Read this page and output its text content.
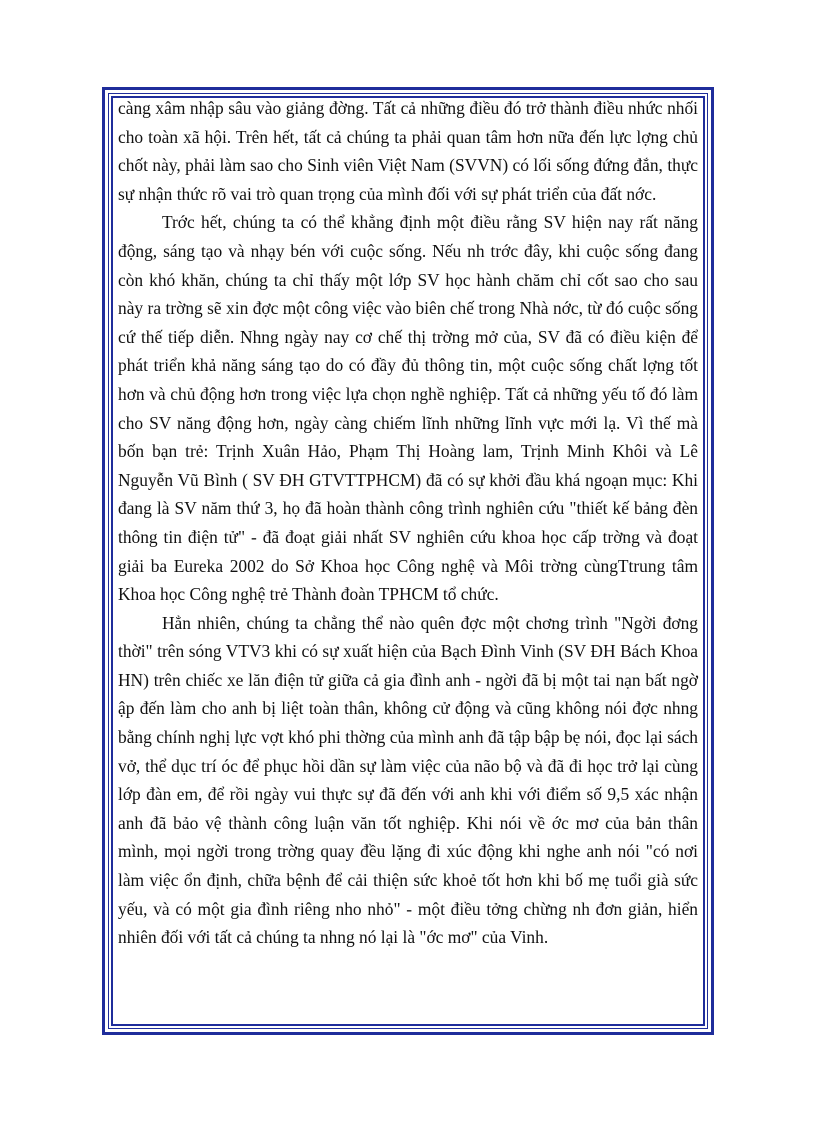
càng xâm nhập sâu vào giảng đờng. Tất cả những điều đó trở thành điều nhức nhối cho toàn xã hội. Trên hết, tất cả chúng ta phải quan tâm hơn nữa đến lực lợng chủ chốt này, phải làm sao cho Sinh viên Việt Nam (SVVN) có lối sống đứng đắn, thực sự nhận thức rõ vai trò quan trọng của mình đối với sự phát triển của đất nớc.

Trớc hết, chúng ta có thể khẳng định một điều rằng SV hiện nay rất năng động, sáng tạo và nhạy bén với cuộc sống. Nếu nh trớc đây, khi cuộc sống đang còn khó khăn, chúng ta chỉ thấy một lớp SV học hành chăm chỉ cốt sao cho sau này ra trờng sẽ xin đợc một công việc vào biên chế trong Nhà nớc, từ đó cuộc sống cứ thế tiếp diễn. Nhng ngày nay cơ chế thị trờng mở của, SV đã có điều kiện để phát triển khả năng sáng tạo do có đầy đủ thông tin, một cuộc sống chất lợng tốt hơn và chủ động hơn trong việc lựa chọn nghề nghiệp. Tất cả những yếu tố đó làm cho SV năng động hơn, ngày càng chiếm lĩnh những lĩnh vực mới lạ. Vì thế mà bốn bạn trẻ: Trịnh Xuân Hảo, Phạm Thị Hoàng lam, Trịnh Minh Khôi và Lê Nguyễn Vũ Bình ( SV ĐH GTVTTPHCM) đã có sự khởi đầu khá ngoạn mục: Khi đang là SV năm thứ 3, họ đã hoàn thành công trình nghiên cứu "thiết kế bảng đèn thông tin điện tử" - đã đoạt giải nhất SV nghiên cứu khoa học cấp trờng và đoạt giải ba Eureka 2002 do Sở Khoa học Công nghệ và Môi trờng cùngTtrung tâm Khoa học Công nghệ trẻ Thành đoàn TPHCM tổ chức.

Hẳn nhiên, chúng ta chẳng thể nào quên đợc một chơng trình "Ngời đơng thời" trên sóng VTV3 khi có sự xuất hiện của Bạch Đình Vinh (SV ĐH Bách Khoa HN) trên chiếc xe lăn điện tử giữa cả gia đình anh - ngời đã bị một tai nạn bất ngờ ập đến làm cho anh bị liệt toàn thân, không cử động và cũng không nói đợc nhng bằng chính nghị lực vợt khó phi thờng của mình anh đã tập bập bẹ nói, đọc lại sách vở, thể dục trí óc để phục hồi dần sự làm việc của não bộ và đã đi học trở lại cùng lớp đàn em, để rồi ngày vui thực sự đã đến với anh khi với điểm số 9,5 xác nhận anh đã bảo vệ thành công luận văn tốt nghiệp. Khi nói về ớc mơ của bản thân mình, mọi ngời trong trờng quay đều lặng đi xúc động khi nghe anh nói "có nơi làm việc ổn định, chữa bệnh để cải thiện sức khoẻ tốt hơn khi bố mẹ tuổi già sức yếu, và có một gia đình riêng nho nhỏ" - một điều tởng chừng nh đơn giản, hiển nhiên đối với tất cả chúng ta nhng nó lại là "ớc mơ" của Vinh.
